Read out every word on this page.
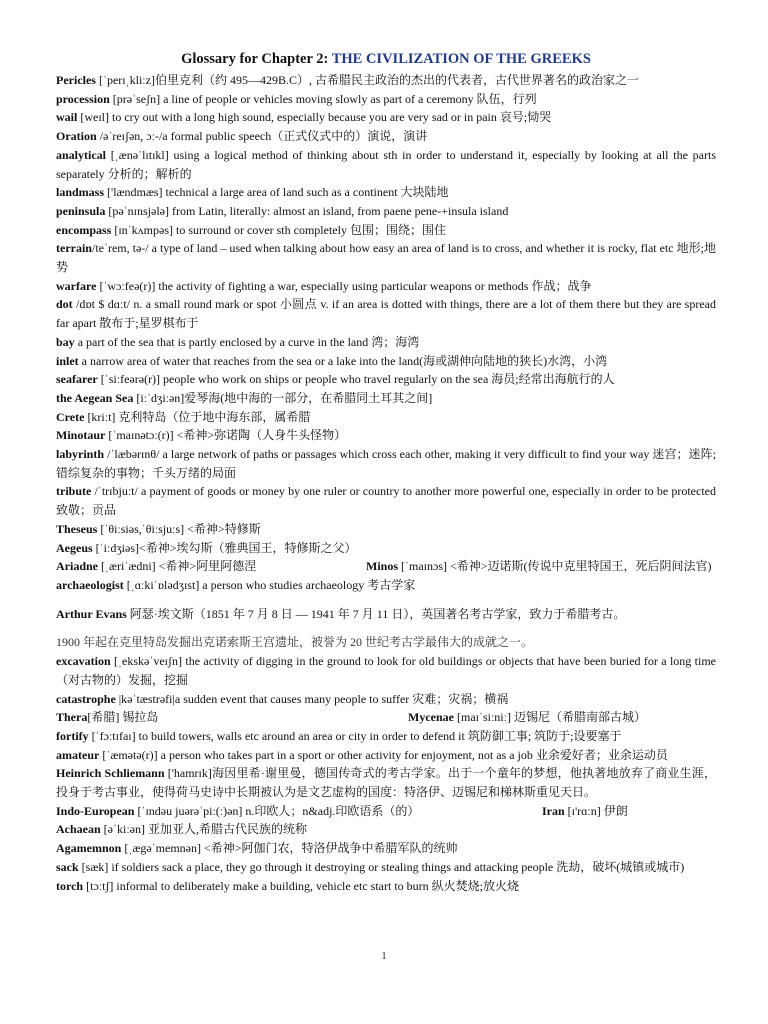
Glossary for Chapter 2: THE CIVILIZATION OF THE GREEKS

Pericles [ˈperɪˌkliːz]伯里克利（约 495—429B.C）, 古希腊民主政治的杰出的代表者，古代世界著名的政治家之一

procession [prəˈseʃn] a line of people or vehicles moving slowly as part of a ceremony 队伍，行列

wail [weɪl] to cry out with a long high sound, especially because you are very sad or in pain 哀号;恸哭

Oration /əˈreɪʃən, ɔː-/a formal public speech（正式仪式中的）演说，演讲

analytical [ˌænəˈlɪtɪkl] using a logical method of thinking about sth in order to understand it, especially by looking at all the parts separately 分析的；解析的

landmass ['lændmæs] technical a large area of land such as a continent 大块陆地

peninsula [pəˈnɪnsjələ] from Latin, literally: almost an island, from paene pene-+insula island

encompass [ɪnˈkʌmpəs] to surround or cover sth completely 包围；围绕；围住

terrain/teˈrem, tə-/ a type of land – used when talking about how easy an area of land is to cross, and whether it is rocky, flat etc 地形;地势

warfare [ˈwɔːfeə(r)] the activity of fighting a war, especially using particular weapons or methods 作战；战争

dot /dɒt $ dɑːt/ n. a small round mark or spot 小圆点 v. if an area is dotted with things, there are a lot of them there but they are spread far apart 散布于;星罗棋布于

bay a part of the sea that is partly enclosed by a curve in the land 湾；海湾

inlet a narrow area of water that reaches from the sea or a lake into the land(海或湖伸向陆地的狭长)水湾，小湾

seafarer [ˈsiːfeərə(r)] people who work on ships or people who travel regularly on the sea 海员;经常出海航行的人

the Aegean Sea [iːˈdʒiːən]爱琴海(地中海的一部分，在希腊同土耳其之间]

Crete [kriːt] 克利特岛（位于地中海东部，属希腊

Minotaur [ˈmaɪnətɔː(r)] <希神>弥诺陶（人身牛头怪物）

labyrinth /ˈlæbərɪnθ/ a large network of paths or passages which cross each other, making it very difficult to find your way 迷宫；迷阵;错综复杂的事物；千头万绪的局面

tribute /ˈtrɪbjuːt/ a payment of goods or money by one ruler or country to another more powerful one, especially in order to be protected 致敬；贡品

Theseus [ˈθiːsiəs,ˈθiːsjuːs] <希神>特修斯

Aegeus [ˈiːdʒiəs]<希神>埃勾斯（雅典国王，特修斯之父）

Ariadne [ˌæriˈædni] <希神>阿里阿德涅	Minos [ˈmaɪnɔs] <希神>迈诺斯(传说中克里特国王，死后阴间法官)

archaeologist [ˌɑːkiˈɒlədʒɪst] a person who studies archaeology 考古学家

Arthur Evans 阿瑟·埃文斯（1851 年 7 月 8 日 — 1941 年 7 月 11 日），英国著名考古学家，致力于希腊考古。

1900 年起在克里特岛发掘出克诺索斯王宫遗址，被誉为 20 世纪考古学最伟大的成就之一。

excavation [ˌekskəˈveɪʃn] the activity of digging in the ground to look for old buildings or objects that have been buried for a long time （对古物的）发掘，挖掘

catastrophe |kəˈtæstrəfi|a sudden event that causes many people to suffer 灾难；灾祸；横祸

Thera[希腊] 锡拉岛	Mycenae [maɪˈsiːniː] 迈锡尼（希腊南部古城）

fortify [ˈfɔːtɪfaɪ] to build towers, walls etc around an area or city in order to defend it 筑防御工事; 筑防于;设要塞于

amateur [ˈæmətə(r)] a person who takes part in a sport or other activity for enjoyment, not as a job 业余爱好者；业余运动员

Heinrich Schliemann ['hamrɪk]海因里希·谢里曼，德国传奇式的考古学家。出于一个童年的梦想，他执著地放弃了商业生涯，投身于考古事业，使得荷马史诗中长期被认为是文艺虚构的国度：特洛伊、迈锡尼和梯林斯重见天日。

Indo-European [ˈɪndəu juərəˈpiː(ː)ən] n.印欧人；n&adj.印欧语系（的）	Iran [ɪ'rɑːn] 伊朗

Achaean [əˈkiːən] 亚加亚人,希腊古代民族的统称

Agamemnon [ˌægəˈmemnən] <希神>阿伽门农，特洛伊战争中希腊军队的统帅

sack [sæk] if soldiers sack a place, they go through it destroying or stealing things and attacking people 洗劫，破坏(城镇或城市)

torch [tɔːtʃ] informal to deliberately make a building, vehicle etc start to burn 纵火焚烧;放火烧

1
